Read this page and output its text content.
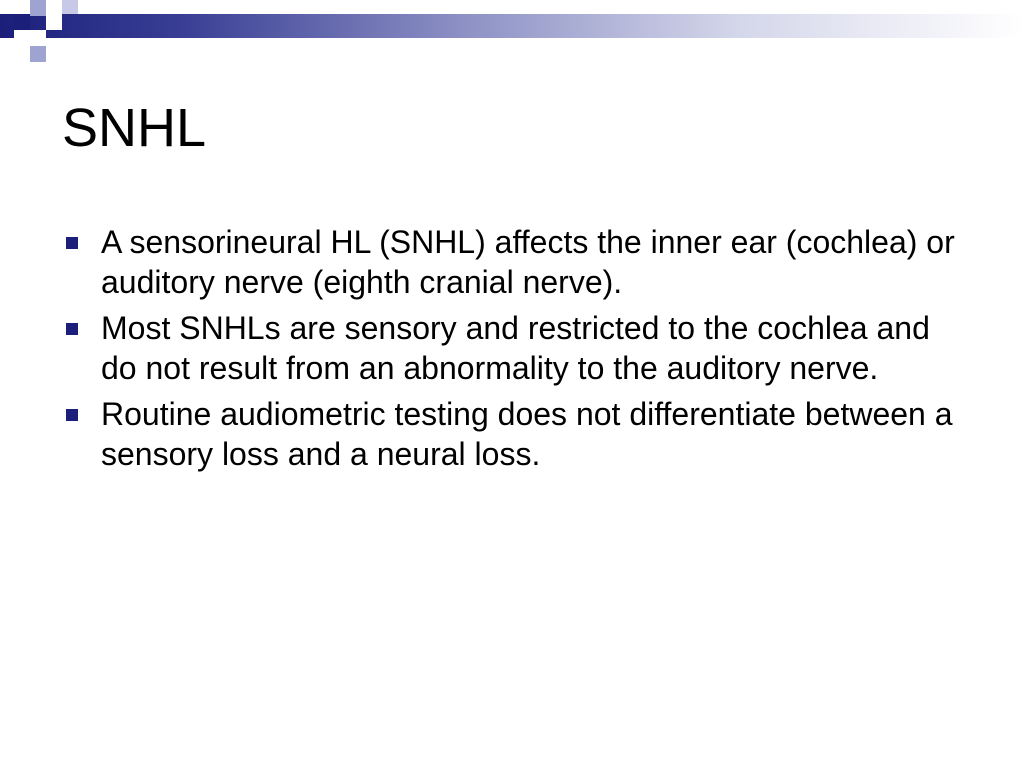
SNHL
A sensorineural HL (SNHL) affects the inner ear (cochlea) or auditory nerve (eighth cranial nerve).
Most SNHLs are sensory and restricted to the cochlea and do not result from an abnormality to the auditory nerve.
Routine audiometric testing does not differentiate between a sensory loss and a neural loss.
